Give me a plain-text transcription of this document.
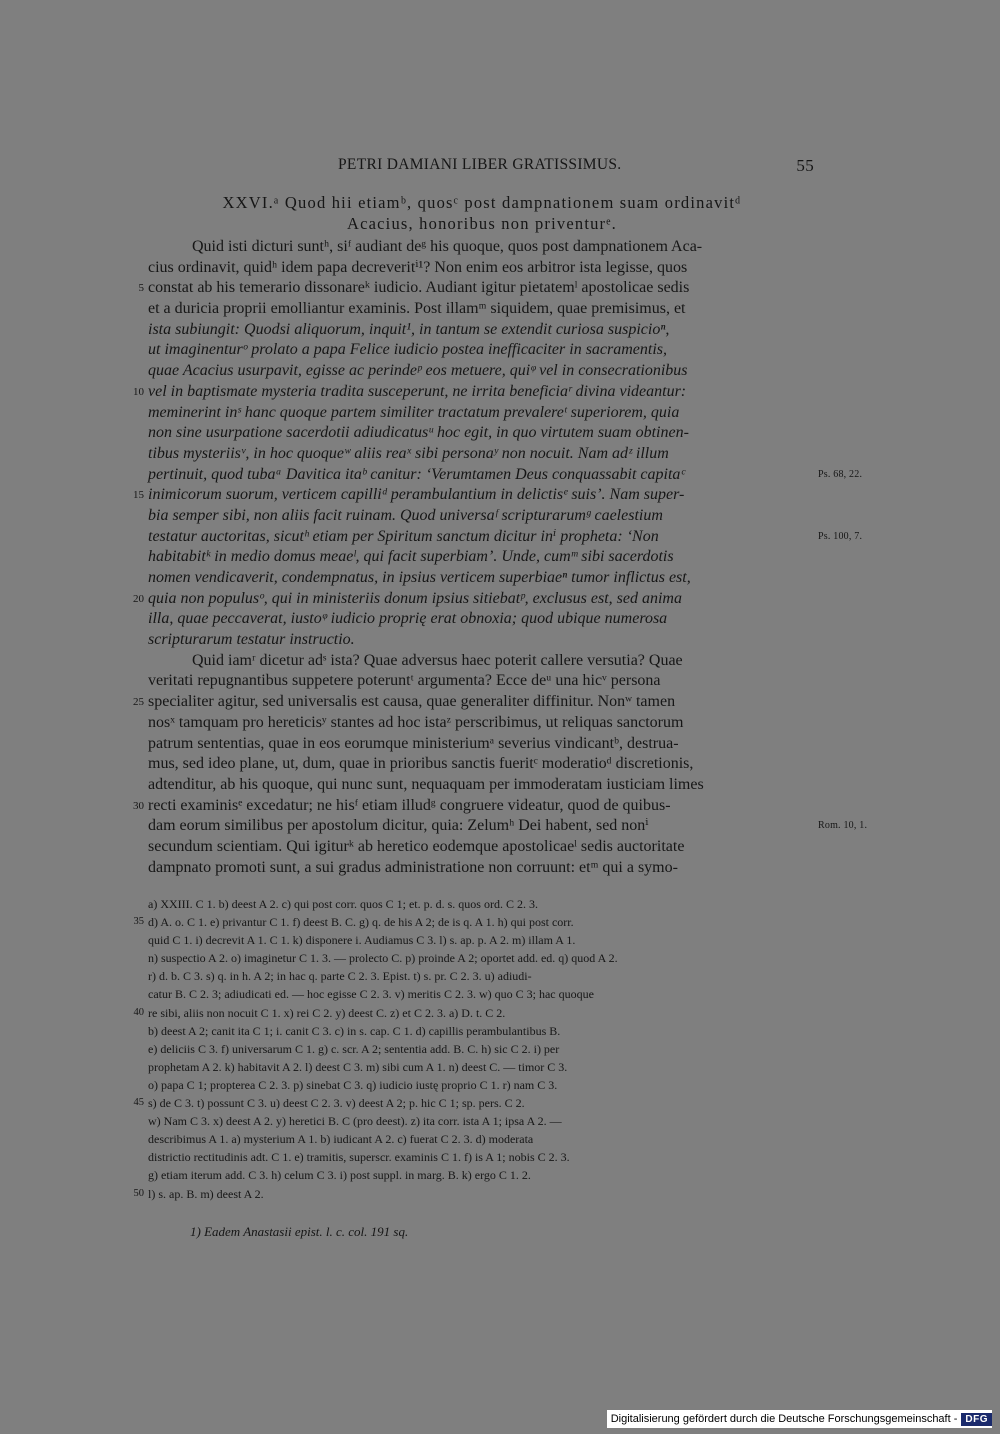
PETRI DAMIANI LIBER GRATISSIMUS.	55
XXVI.ᵃ Quod hii etiamᵇ, quosᶜ post dampnationem suam ordinavitᵈ
Acacius, honoribus non priventurᵉ.
Quid isti dicturi suntʰ, siᶠ audiant deᵍ his quoque, quos post dampnationem Aca-
cius ordinavit, quidʰ idem papa decreveritⁱ¹? Non enim eos arbitror ista legisse, quos
constat ab his temerario dissonareᵏ iudicio. Audiant igitur pietatemˡ apostolicae sedis
5
et a duricia proprii emolliantur examinis. Post illamᵐ siquidem, quae premisimus, et
ista subiungit: Quodsi aliquorum, inquit¹, in tantum se extendit curiosa suspicioⁿ,
ut imaginenturᵒ prolato a papa Felice iudicio postea inefficaciter in sacramentis,
quae Acacius usurpavit, egisse ac perindeᵖ eos metuere, quiᵠ vel in consecrationibus
vel in baptismate mysteria tradita susceperunt, ne irrita beneficiaʳ divina videantur:
10
meminerint inˢ hanc quoque partem similiter tractatum prevalereᵗ superiorem, quia
non sine usurpatione sacerdotii adiudicatusᵘ hoc egit, in quo virtutem suam obtinen-
tibus mysteriisᵛ, in hoc quoqueʷ aliis reaˣ sibi personaʸ non nocuit. Nam adᶻ illum
pertinuit, quod tubaᵃ Davitica itaᵇ canitur: ‘Verumtamen Deus conquassabit capitaᶜ	Ps. 68, 22.
inimicorum suorum, verticem capilliᵈ perambulantium in delictisᵉ suis’. Nam super-
15
bia semper sibi, non aliis facit ruinam. Quod universaᶠ scripturarumᵍ caelestium
testatur auctoritas, sicutʰ etiam per Spiritum sanctum dicitur inⁱ propheta: ‘Non	Ps. 100, 7.
habitabitᵏ in medio domus meaeˡ, qui facit superbiam’. Unde, cumᵐ sibi sacerdotis
nomen vendicaverit, condempnatus, in ipsius verticem superbiaeⁿ tumor inflictus est,
quia non populusᵒ, qui in ministeriis donum ipsius sitiebatᵖ, exclusus est, sed anima
20
illa, quae peccaverat, iustoᵠ iudicio proprię erat obnoxia; quod ubique numerosa
scripturarum testatur instructio.
Quid iamʳ dicetur adˢ ista? Quae adversus haec poterit callere versutia? Quae
veritati repugnantibus suppetere poteruntᵗ argumenta? Ecce deᵘ una hicᵛ persona
specialiter agitur, sed universalis est causa, quae generaliter diffinitur. Nonʷ tamen
25
nosˣ tamquam pro hereticisʸ stantes ad hoc istaᶻ perscribimus, ut reliquas sanctorum
patrum sententias, quae in eos eorumque ministeriumᵃ severius vindicantᵇ, destrua-
mus, sed ideo plane, ut, dum, quae in prioribus sanctis fueritᶜ moderatioᵈ discretionis,
adtenditur, ab his quoque, qui nunc sunt, nequaquam per immoderatam iusticiam limes
recti examinisᵉ excedatur; ne hisᶠ etiam illudᵍ congruere videatur, quod de quibus-
30
dam eorum similibus per apostolum dicitur, quia: Zelumʰ Dei habent, sed nonⁱ	Rom. 10, 1.
secundum scientiam. Qui igiturᵏ ab heretico eodemque apostolicaeˡ sedis auctoritate
dampnato promoti sunt, a sui gradus administratione non corruunt: etᵐ qui a symo-
a) XXIII. C 1. b) deest A 2. c) qui post corr. quos C 1; et. p. d. s. quos ord. C 2. 3.
d) A. o. C 1. e) privantur C 1. f) deest B. C. g) q. de his A 2; de is q. A 1. h) qui post corr.
35
quid C 1. i) decrevit A 1. C 1. k) disponere i. Audiamus C 3. l) s. ap. p. A 2. m) illam A 1.
n) suspectio A 2. o) imaginetur C 1. 3. — prolecto C. p) proinde A 2; oportet add. ed. q) quod A 2.
r) d. b. C 3. s) q. in h. A 2; in hac q. parte C 2. 3. Epist. t) s. pr. C 2. 3. u) adiudi-
catur B. C 2. 3; adiudicati ed. — hoc egisse C 2. 3. v) meritis C 2. 3. w) quo C 3; hac quoque
re sibi, aliis non nocuit C 1. x) rei C 2. y) deest C. z) et C 2. 3. a) D. t. C 2.
40
b) deest A 2; canit ita C 1; i. canit C 3. c) in s. cap. C 1. d) capillis perambulantibus B.
e) deliciis C 3. f) universarum C 1. g) c. scr. A 2; sententia add. B. C. h) sic C 2. i) per
prophetam A 2. k) habitavit A 2. l) deest C 3. m) sibi cum A 1. n) deest C. — timor C 3.
o) papa C 1; propterea C 2. 3. p) sinebat C 3. q) iudicio iustę proprio C 1. r) nam C 3.
s) de C 3. t) possunt C 3. u) deest C 2. 3. v) deest A 2; p. hic C 1; sp. pers. C 2.
45
w) Nam C 3. x) deest A 2. y) heretici B. C (pro deest). z) ita corr. ista A 1; ipsa A 2. —
describimus A 1. a) mysterium A 1. b) iudicant A 2. c) fuerat C 2. 3. d) moderata
districtio rectitudinis adt. C 1. e) tramitis, superscr. examinis C 1. f) is A 1; nobis C 2. 3.
g) etiam iterum add. C 3. h) celum C 3. i) post suppl. in marg. B. k) ergo C 1. 2.
l) s. ap. B. m) deest A 2.
50
1) Eadem Anastasii epist. l. c. col. 191 sq.
Digitalisierung gefördert durch die Deutsche Forschungsgemeinschaft - DFG
